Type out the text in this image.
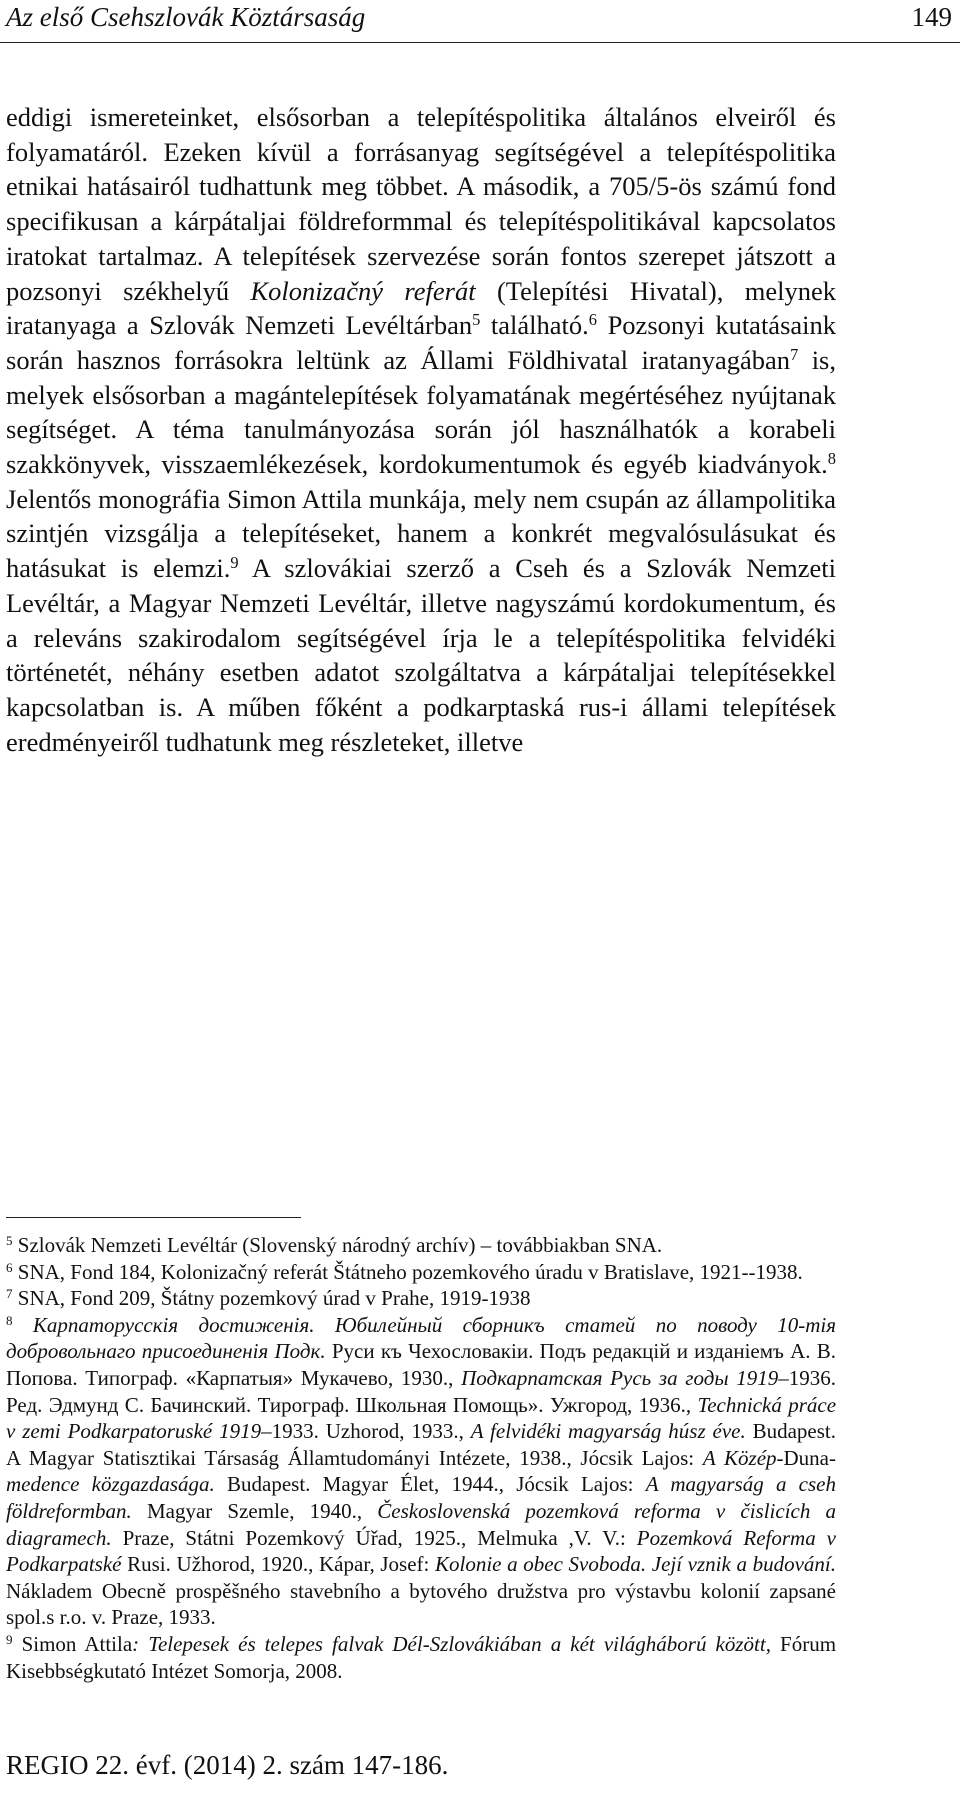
Az első Csehszlovák Köztársaság	149
eddigi ismereteinket, elsősorban a telepítéspolitika általános elveiről és folyamatáról. Ezeken kívül a forrásanyag segítségével a telepítéspolitika etnikai hatásairól tudhattunk meg többet. A második, a 705/5-ös számú fond specifikusan a kárpátaljai földreformmal és telepítéspolitikával kapcsolatos iratokat tartalmaz. A telepítések szervezése során fontos szerepet játszott a pozsonyi székhelyű Kolonizačný referát (Telepítési Hivatal), melynek iratanyaga a Szlovák Nemzeti Levéltárban$^5$ található.$^6$ Pozsonyi kutatásaink során hasznos forrásokra leltünk az Állami Földhivatal iratanyagában$^7$ is, melyek elsősorban a magántelepítések folyamatának megértéséhez nyújtanak segítséget. A téma tanulmányozása során jól használhatók a korabeli szakkönyvek, visszaemlékezések, kordokumentumok és egyéb kiadványok.$^8$ Jelentős monográfia Simon Attila munkája, mely nem csupán az állampolitika szintjén vizsgálja a telepítéseket, hanem a konkrét megvalósulásukat és hatásukat is elemzi.$^9$ A szlovákiai szerző a Cseh és a Szlovák Nemzeti Levéltár, a Magyar Nemzeti Levéltár, illetve nagyszámú kordokumentum, és a releváns szakirodalom segítségével írja le a telepítéspolitika felvidéki történetét, néhány esetben adatot szolgáltatva a kárpátaljai telepítésekkel kapcsolatban is. A műben főként a podkarptaská rus-i állami telepítések eredményeiről tudhatunk meg részleteket, illetve

$^5$ Szlovák Nemzeti Levéltár (Slovenský národný archív) – továbbiakban SNA.

$^6$ SNA, Fond 184, Kolonizačný referát Štátneho pozemkového úradu v Bratislave, 1921--1938.

$^7$ SNA, Fond 209, Štátny pozemkový úrad v Prahe, 1919-1938

$^8$ Карпаторусскія достиженія. Юбилейный сборникъ статей по поводу 10-тія добровольнаго присоединенія Подк. Руси къ Чехословакіи. Подъ редакцій и изданіемъ А. В. Попова. Типограф. «Карпатыя» Мукачево, 1930., Подкарпатская Русь за годы 1919–1936. Ред. Эдмунд С. Бачинский. Тирограф. Школьная Помощь». Ужгород, 1936., Technická práce v zemi Podkarpatoruské 1919–1933. Uzhorod, 1933., A felvidéki magyarság húsz éve. Budapest. A Magyar Statisztikai Társaság Államtudományi Intézete, 1938., Jócsik Lajos: A Közép-Duna-medence közgazdasága. Budapest. Magyar Élet, 1944., Jócsik Lajos: A magyarság a cseh földreformban. Magyar Szemle, 1940., Československá pozemková reforma v čislicích a diagramech. Praze, Státni Pozemkový Úřad, 1925., Melmuka ,V. V.: Pozemková Reforma v Podkarpatské Rusi. Užhorod, 1920., Kápar, Josef: Kolonie a obec Svoboda. Její vznik a budování. Nákladem Obecně prospěšného stavebního a bytového družstva pro výstavbu kolonií zapsané spol.s r.o. v. Praze, 1933.

$^9$ Simon Attila: Telepesek és telepes falvak Dél-Szlovákiában a két világháború között, Fórum Kisebbségkutató Intézet Somorja, 2008.

REGIO 22. évf. (2014) 2. szám 147-186.
